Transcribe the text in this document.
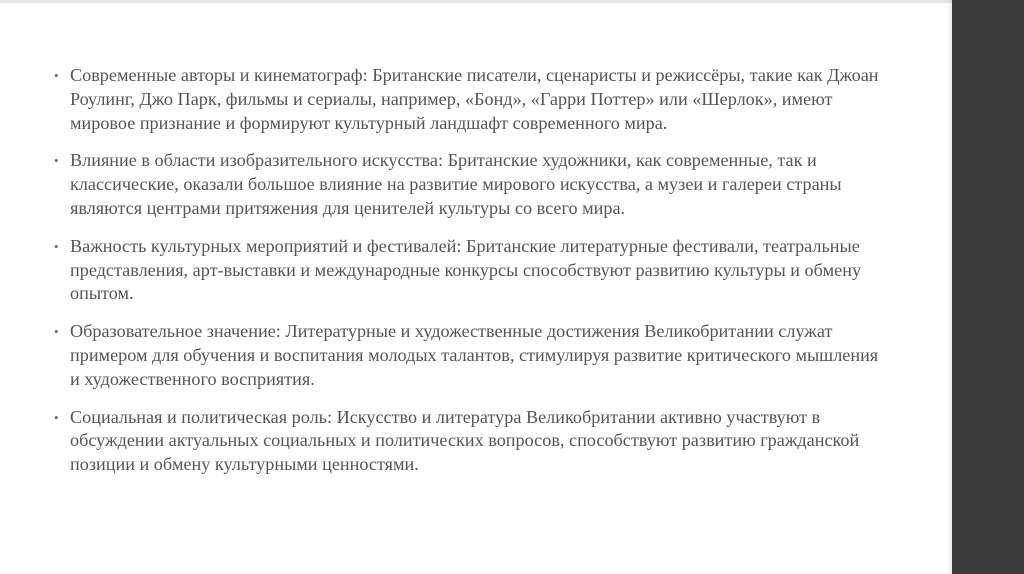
• Современные авторы и кинематограф: Британские писатели, сценаристы и режиссёры, такие как Джоан Роулинг, Джо Парк, фильмы и сериалы, например, «Бонд», «Гарри Поттер» или «Шерлок», имеют мировое признание и формируют культурный ландшафт современного мира.
• Влияние в области изобразительного искусства: Британские художники, как современные, так и классические, оказали большое влияние на развитие мирового искусства, а музеи и галереи страны являются центрами притяжения для ценителей культуры со всего мира.
• Важность культурных мероприятий и фестивалей: Британские литературные фестивали, театральные представления, арт-выставки и международные конкурсы способствуют развитию культуры и обмену опытом.
• Образовательное значение: Литературные и художественные достижения Великобритании служат примером для обучения и воспитания молодых талантов, стимулируя развитие критического мышления и художественного восприятия.
• Социальная и политическая роль: Искусство и литература Великобритании активно участвуют в обсуждении актуальных социальных и политических вопросов, способствуют развитию гражданской позиции и обмену культурными ценностями.
